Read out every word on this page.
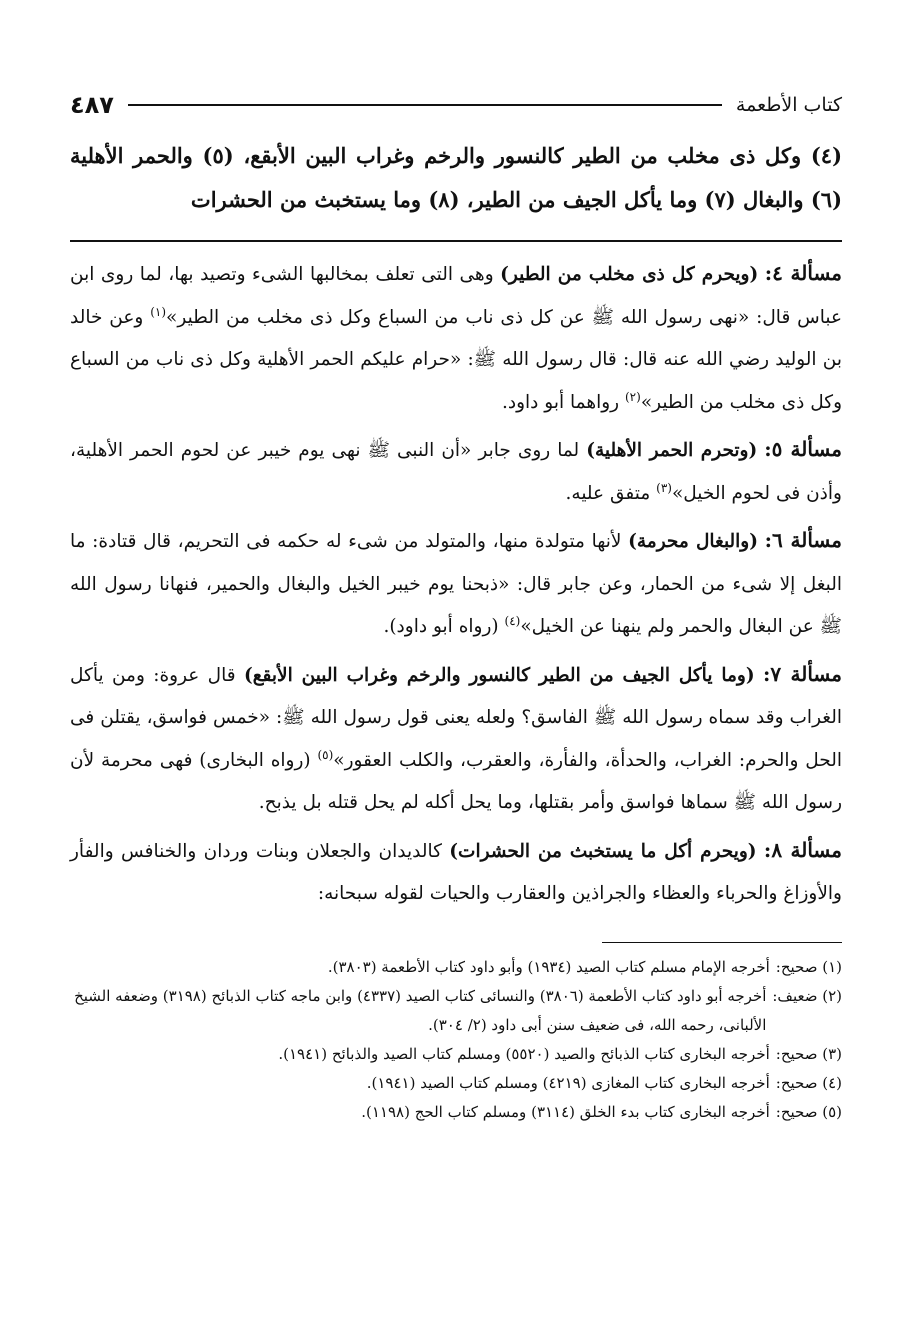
كتاب الأطعمة
٤٨٧
(٤) وكل ذى مخلب من الطير كالنسور والرخم وغراب البين الأبقع، (٥) والحمر الأهلية (٦) والبغال (٧) وما يأكل الجيف من الطير، (٨) وما يستخبث من الحشرات

مسألة ٤: (ويحرم كل ذى مخلب من الطير) وهى التى تعلف بمخالبها الشىء وتصيد بها، لما روى ابن عباس قال: «نهى رسول الله ﷺ عن كل ذى ناب من السباع وكل ذى مخلب من الطير»$^{(١)}$ وعن خالد بن الوليد رضي الله عنه قال: قال رسول الله ﷺ: «حرام عليكم الحمر الأهلية وكل ذى ناب من السباع وكل ذى مخلب من الطير»$^{(٢)}$ رواهما أبو داود.

مسألة ٥: (وتحرم الحمر الأهلية) لما روى جابر «أن النبى ﷺ نهى يوم خيبر عن لحوم الحمر الأهلية، وأذن فى لحوم الخيل»$^{(٣)}$ متفق عليه.

مسألة ٦: (والبغال محرمة) لأنها متولدة منها، والمتولد من شىء له حكمه فى التحريم، قال قتادة: ما البغل إلا شىء من الحمار، وعن جابر قال: «ذبحنا يوم خيبر الخيل والبغال والحمير، فنهانا رسول الله ﷺ عن البغال والحمر ولم ينهنا عن الخيل»$^{(٤)}$ (رواه أبو داود).

مسألة ٧: (وما يأكل الجيف من الطير كالنسور والرخم وغراب البين الأبقع) قال عروة: ومن يأكل الغراب وقد سماه رسول الله ﷺ الفاسق؟ ولعله يعنى قول رسول الله ﷺ: «خمس فواسق، يقتلن فى الحل والحرم: الغراب، والحدأة، والفأرة، والعقرب، والكلب العقور»$^{(٥)}$ (رواه البخارى) فهى محرمة لأن رسول الله ﷺ سماها فواسق وأمر بقتلها، وما يحل أكله لم يحل قتله بل يذبح.

مسألة ٨: (ويحرم أكل ما يستخبث من الحشرات) كالديدان والجعلان وبنات وردان والخنافس والفأر والأوزاغ والحرباء والعظاء والجراذين والعقارب والحيات لقوله سبحانه:

(١) صحيح:
أخرجه الإمام مسلم كتاب الصيد (١٩٣٤) وأبو داود كتاب الأطعمة (٣٨٠٣).
(٢) ضعيف:
أخرجه أبو داود كتاب الأطعمة (٣٨٠٦) والنسائى كتاب الصيد (٤٣٣٧) وابن ماجه كتاب الذبائح (٣١٩٨) وضعفه الشيخ الألبانى، رحمه الله، فى ضعيف سنن أبى داود (٢/ ٣٠٤).
(٣) صحيح:
أخرجه البخارى كتاب الذبائح والصيد (٥٥٢٠) ومسلم كتاب الصيد والذبائح (١٩٤١).
(٤) صحيح:
أخرجه البخارى كتاب المغازى (٤٢١٩) ومسلم كتاب الصيد (١٩٤١).
(٥) صحيح:
أخرجه البخارى كتاب بدء الخلق (٣١١٤) ومسلم كتاب الحج (١١٩٨).
